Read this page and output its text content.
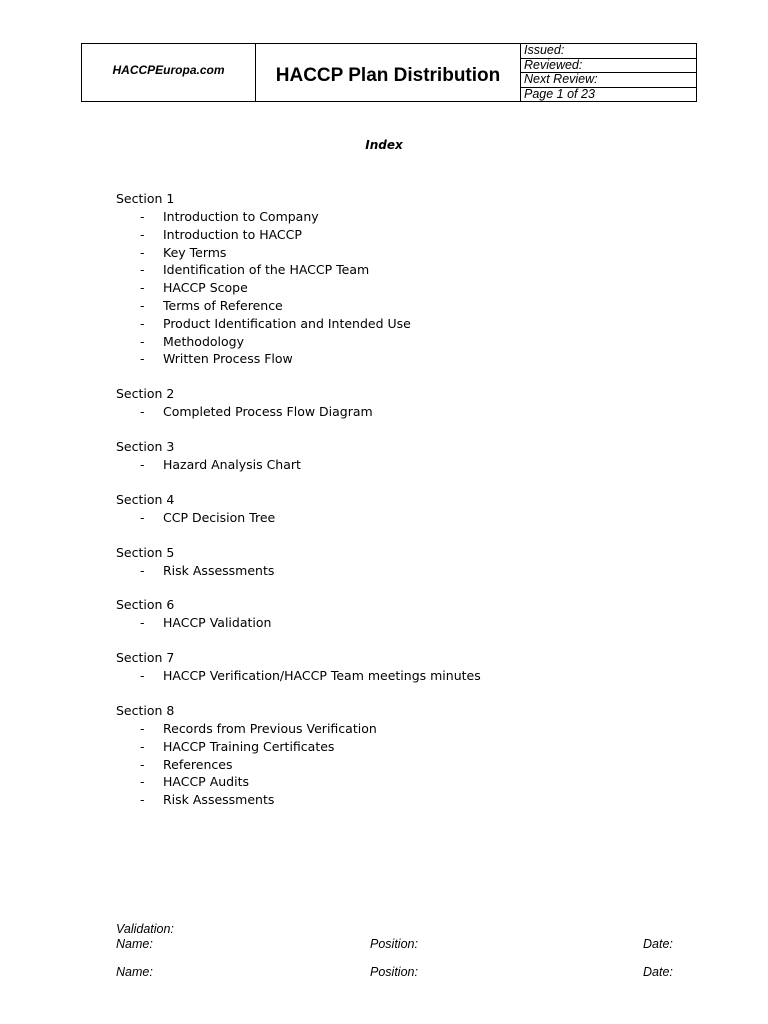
HACCPEuropa.com	HACCP Plan Distribution
Issued:
Reviewed:
Next Review:
Page 1 of 23
Index
Section 1
- Introduction to Company
- Introduction to HACCP
- Key Terms
- Identification of the HACCP Team
- HACCP Scope
- Terms of Reference
- Product Identification and Intended Use
- Methodology
- Written Process Flow
Section 2
- Completed Process Flow Diagram
Section 3
- Hazard Analysis Chart
Section 4
- CCP Decision Tree
Section 5
- Risk Assessments
Section 6
- HACCP Validation
Section 7
- HACCP Verification/HACCP Team meetings minutes
Section 8
- Records from Previous Verification
- HACCP Training Certificates
- References
- HACCP Audits
- Risk Assessments
Validation:
Name:	Position:	Date:
Name:	Position:	Date:
